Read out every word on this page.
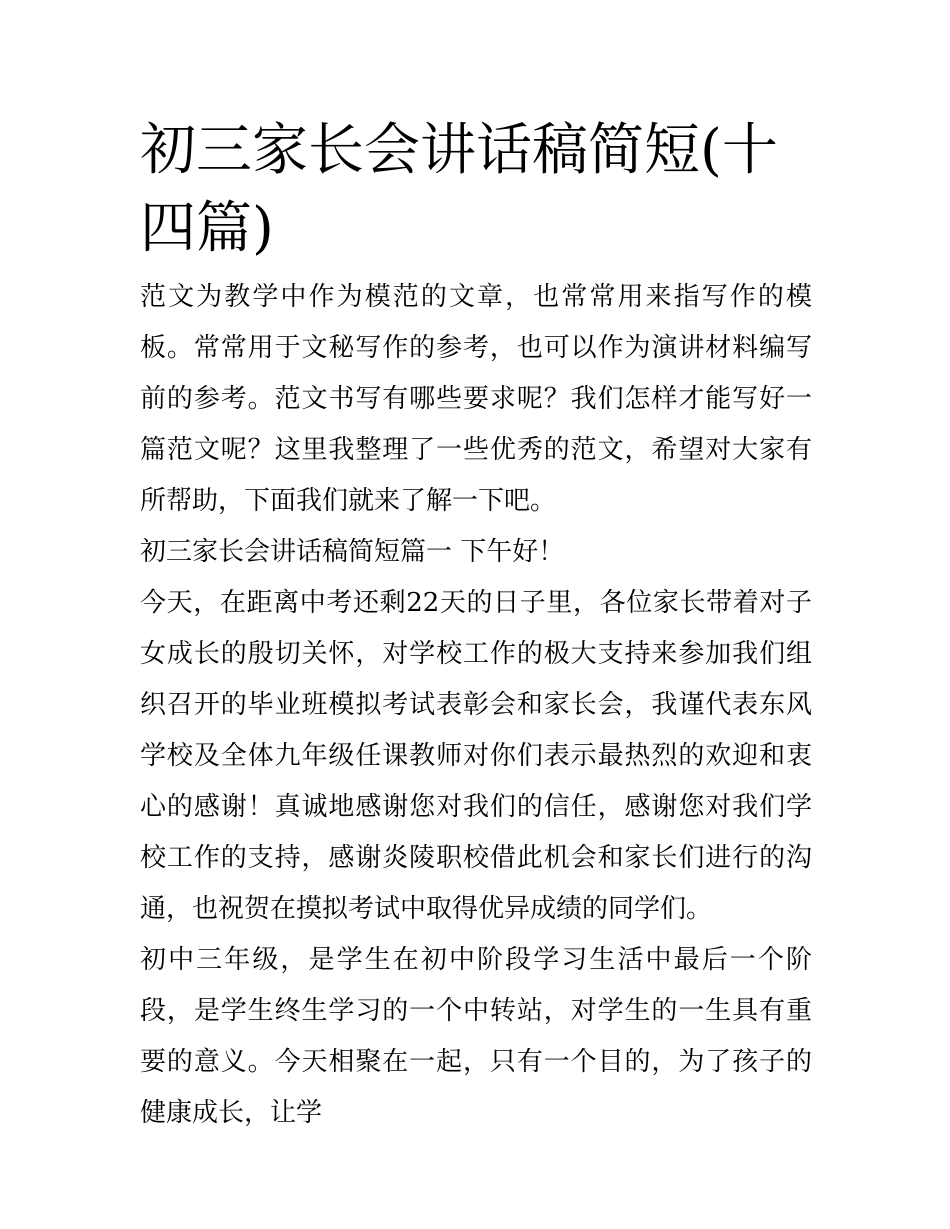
初三家长会讲话稿简短(十四篇)

范文为教学中作为模范的文章，也常常用来指写作的模板。常常用于文秘写作的参考，也可以作为演讲材料编写前的参考。范文书写有哪些要求呢？我们怎样才能写好一篇范文呢？这里我整理了一些优秀的范文，希望对大家有所帮助，下面我们就来了解一下吧。

初三家长会讲话稿简短篇一 下午好！

今天，在距离中考还剩22天的日子里，各位家长带着对子女成长的殷切关怀，对学校工作的极大支持来参加我们组织召开的毕业班模拟考试表彰会和家长会，我谨代表东风学校及全体九年级任课教师对你们表示最热烈的欢迎和衷心的感谢！真诚地感谢您对我们的信任，感谢您对我们学校工作的支持，感谢炎陵职校借此机会和家长们进行的沟通，也祝贺在摸拟考试中取得优异成绩的同学们。

初中三年级，是学生在初中阶段学习生活中最后一个阶段，是学生终生学习的一个中转站，对学生的一生具有重要的意义。今天相聚在一起，只有一个目的，为了孩子的健康成长，让学
